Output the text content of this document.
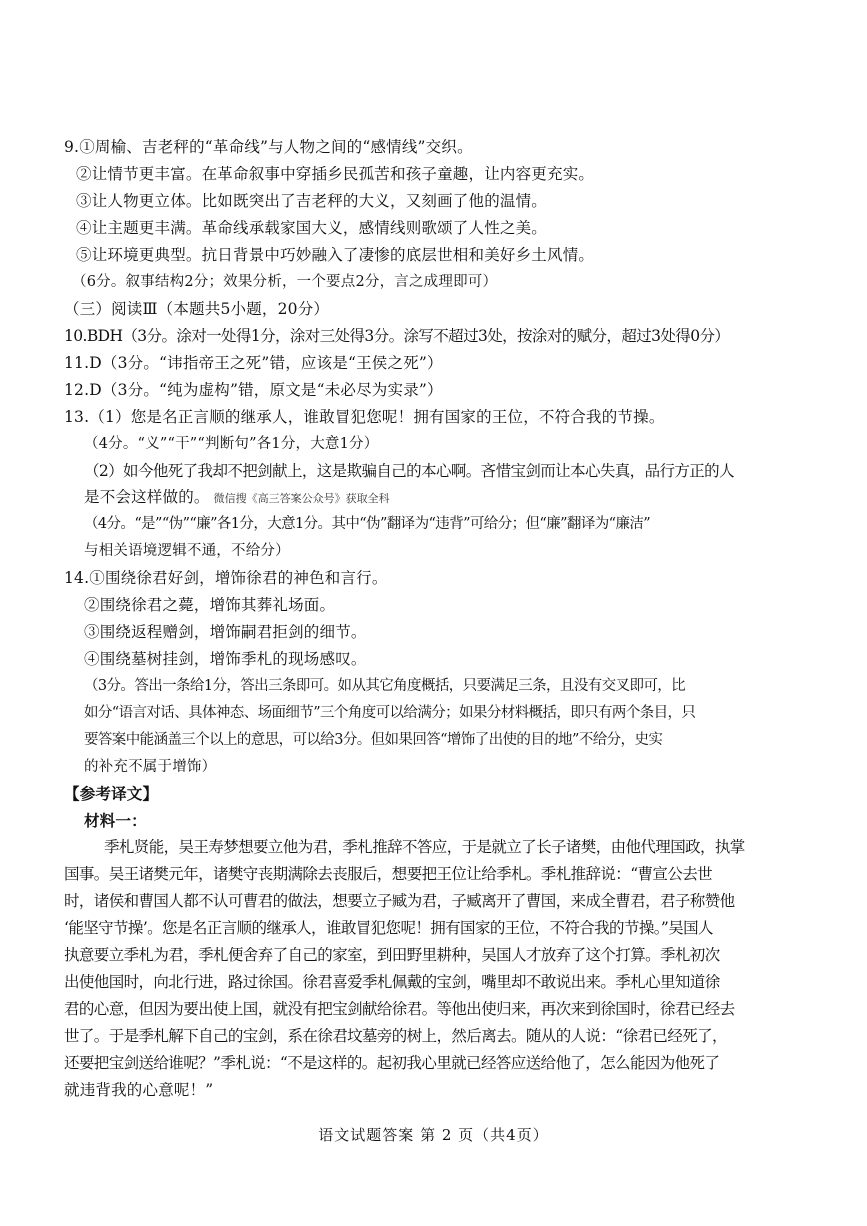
9.①周榆、吉老秤的“革命线”与人物之间的“感情线”交织。
②让情节更丰富。在革命叙事中穿插乡民孤苦和孩子童趣，让内容更充实。
③让人物更立体。比如既突出了吉老秤的大义，又刻画了他的温情。
④让主题更丰满。革命线承载家国大义，感情线则歌颂了人性之美。
⑤让环境更典型。抗日背景中巧妙融入了凄惨的底层世相和美好乡土风情。
（6分。叙事结构2分；效果分析，一个要点2分，言之成理即可）
（三）阅读Ⅲ（本题共5小题，20分）
10.BDH（3分。涂对一处得1分，涂对三处得3分。涂写不超过3处，按涂对的赋分，超过3处得0分）
11.D（3分。“讳指帝王之死”错，应该是“王侯之死”）
12.D（3分。“纯为虚构”错，原文是“未必尽为实录”）
13.（1）您是名正言顺的继承人，谁敢冒犯您呢！拥有国家的王位，不符合我的节操。
（4分。“义”“干”“判断句”各1分，大意1分）
（2）如今他死了我却不把剑献上，这是欺骗自己的本心啊。吝惜宝剑而让本心失真，品行方正的人
是不会这样做的。 微信搜《高三答案公众号》获取全科
（4分。“是”“伪”“廉”各1分，大意1分。其中“伪”翻译为“违背”可给分；但“廉”翻译为“廉洁”
与相关语境逻辑不通，不给分）
14.①围绕徐君好剑，增饰徐君的神色和言行。
②围绕徐君之薨，增饰其葬礼场面。
③围绕返程赠剑，增饰嗣君拒剑的细节。
④围绕墓树挂剑，增饰季札的现场感叹。
（3分。答出一条给1分，答出三条即可。如从其它角度概括，只要满足三条，且没有交叉即可，比
如分“语言对话、具体神态、场面细节”三个角度可以给满分；如果分材料概括，即只有两个条目，只
要答案中能涵盖三个以上的意思，可以给3分。但如果回答“增饰了出使的目的地”不给分，史实
的补充不属于增饰）
【参考译文】
材料一：
季札贤能，吴王寿梦想要立他为君，季札推辞不答应，于是就立了长子诸樊，由他代理国政，执掌
国事。吴王诸樊元年，诸樊守丧期满除去丧服后，想要把王位让给季札。季札推辞说：“曹宣公去世
时，诸侯和曹国人都不认可曹君的做法，想要立子臧为君，子臧离开了曹国，来成全曹君，君子称赞他
‘能坚守节操’。您是名正言顺的继承人，谁敢冒犯您呢！拥有国家的王位，不符合我的节操。”吴国人
执意要立季札为君，季札便舍弃了自己的家室，到田野里耕种，吴国人才放弃了这个打算。季札初次
出使他国时，向北行进，路过徐国。徐君喜爱季札佩戴的宝剑，嘴里却不敢说出来。季札心里知道徐
君的心意，但因为要出使上国，就没有把宝剑献给徐君。等他出使归来，再次来到徐国时，徐君已经去
世了。于是季札解下自己的宝剑，系在徐君坟墓旁的树上，然后离去。随从的人说：“徐君已经死了，
还要把宝剑送给谁呢？”季札说：“不是这样的。起初我心里就已经答应送给他了，怎么能因为他死了
就违背我的心意呢！”
语文试题答案 第 2 页（共4页）
